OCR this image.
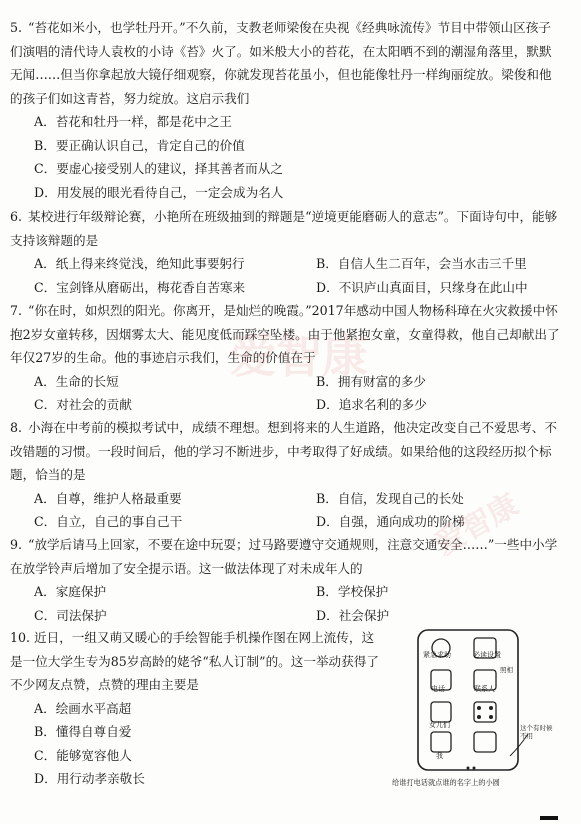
5. “苔花如米小，也学牡丹开。”不久前，支教老师梁俊在央视《经典咏流传》节目中带领山区孩子们演唱的清代诗人袁枚的小诗《苔》火了。如米般大小的苔花，在太阳晒不到的潮湿角落里，默默无闻……但当你拿起放大镜仔细观察，你就发现苔花虽小，但也能像牡丹一样绚丽绽放。梁俊和他的孩子们如这青苔，努力绽放。这启示我们
A．苔花和牡丹一样，都是花中之王
B．要正确认识自己，肯定自己的价值
C．要虚心接受别人的建议，择其善者而从之
D．用发展的眼光看待自己，一定会成为名人
6. 某校进行年级辩论赛，小艳所在班级抽到的辩题是“逆境更能磨砺人的意志”。下面诗句中，能够支持该辩题的是
A．纸上得来终觉浅，绝知此事要躬行	B．自信人生二百年，会当水击三千里
C．宝剑锋从磨砺出，梅花香自苦寒来	D．不识庐山真面目，只缘身在此山中
7. “你在时，如炽烈的阳光。你离开，是灿烂的晚霞。”2017年感动中国人物杨科璋在火灾救援中怀抱2岁女童转移，因烟雾太大、能见度低而踩空坠楼。由于他紧抱女童，女童得救，他自己却献出了年仅27岁的生命。他的事迹启示我们，生命的价值在于
A．生命的长短	B．拥有财富的多少
C．对社会的贡献	D．追求名利的多少
8. 小海在中考前的模拟考试中，成绩不理想。想到将来的人生道路，他决定改变自己不爱思考、不改错题的习惯。一段时间后，他的学习不断进步，中考取得了好成绩。如果给他的这段经历拟个标题，恰当的是
A．自尊，维护人格最重要	B．自信，发现自己的长处
C．自立，自己的事自己干	D．自强，通向成功的阶梯
9. “放学后请马上回家，不要在途中玩耍；过马路要遵守交通规则，注意交通安全……”一些中小学在放学铃声后增加了安全提示语。这一做法体现了对未成年人的
A．家庭保护	B．学校保护
C．司法保护	D．社会保护
10. 近日，一组又萌又暖心的手绘智能手机操作图在网上流传，这是一位大学生专为85岁高龄的姥爷“私人订制”的。这一举动获得了不少网友点赞，点赞的理由主要是
A．绘画水平高超
B．懂得自尊自爱
C．能够宽容他人
D．用行动孝亲敬长
紧急求助	必读设置
电话	联系人
照相
这个有时候不用
女儿们
我
给谁打电话就点谁的名字上的小圆
爱智康
爱智康
